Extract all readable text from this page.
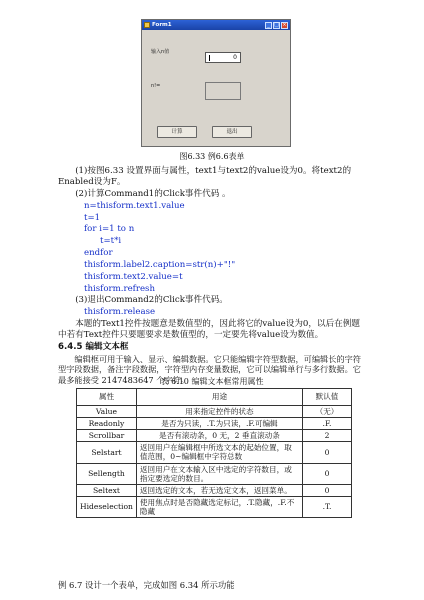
Form1	_ □ ×
输入n值
0
n!=
计算	退出
图6.33 例6.6表单
(1)按图6.33 设置界面与属性，text1与text2的value设为0。将text2的Enabled设为F。
(2)计算Command1的Click事件代码 。
n=thisform.text1.value
t=1
for i=1 to n
t=t*i
endfor
thisform.label2.caption=str(n)+"!"
thisform.text2.value=t
thisform.refresh
(3)退出Command2的Click事件代码。
thisform.release
本题的Text1控件按题意是数值型的，因此将它的value设为0，以后在例题中若有Text控件只要题要求是数值型的，一定要先将value设为数值。
6.4.5 编辑文本框
编辑框可用于输入、显示、编辑数据。它只能编辑字符型数据，可编辑长的字符型字段数据，备注字段数据，字符型内存变量数据，它可以编辑单行与多行数据。它最多能接受 2147483647 个字符。
表 6.10 编辑文本框常用属性
属性	用途	默认值
Value	用来指定控件的状态	（无）
Readonly	是否为只读，.T.为只读，.F.可编辑	.F.
Scrollbar	是否有滚动条，0 无，2 垂直滚动条	2
Selstart	返回用户在编辑框中所选文本的起始位置，取值范围，0~编辑框中字符总数	0
Sellength	返回用户在文本输入区中选定的字符数目，或指定要选定的数目。	0
Seltext	返回选定的文本，若无选定文本，返回菜单。	0
Hideselection	使用焦点时是否隐藏选定标记，.T.隐藏，.F.不隐藏	.T.
例 6.7 设计一个表单，完成如图 6.34 所示功能
